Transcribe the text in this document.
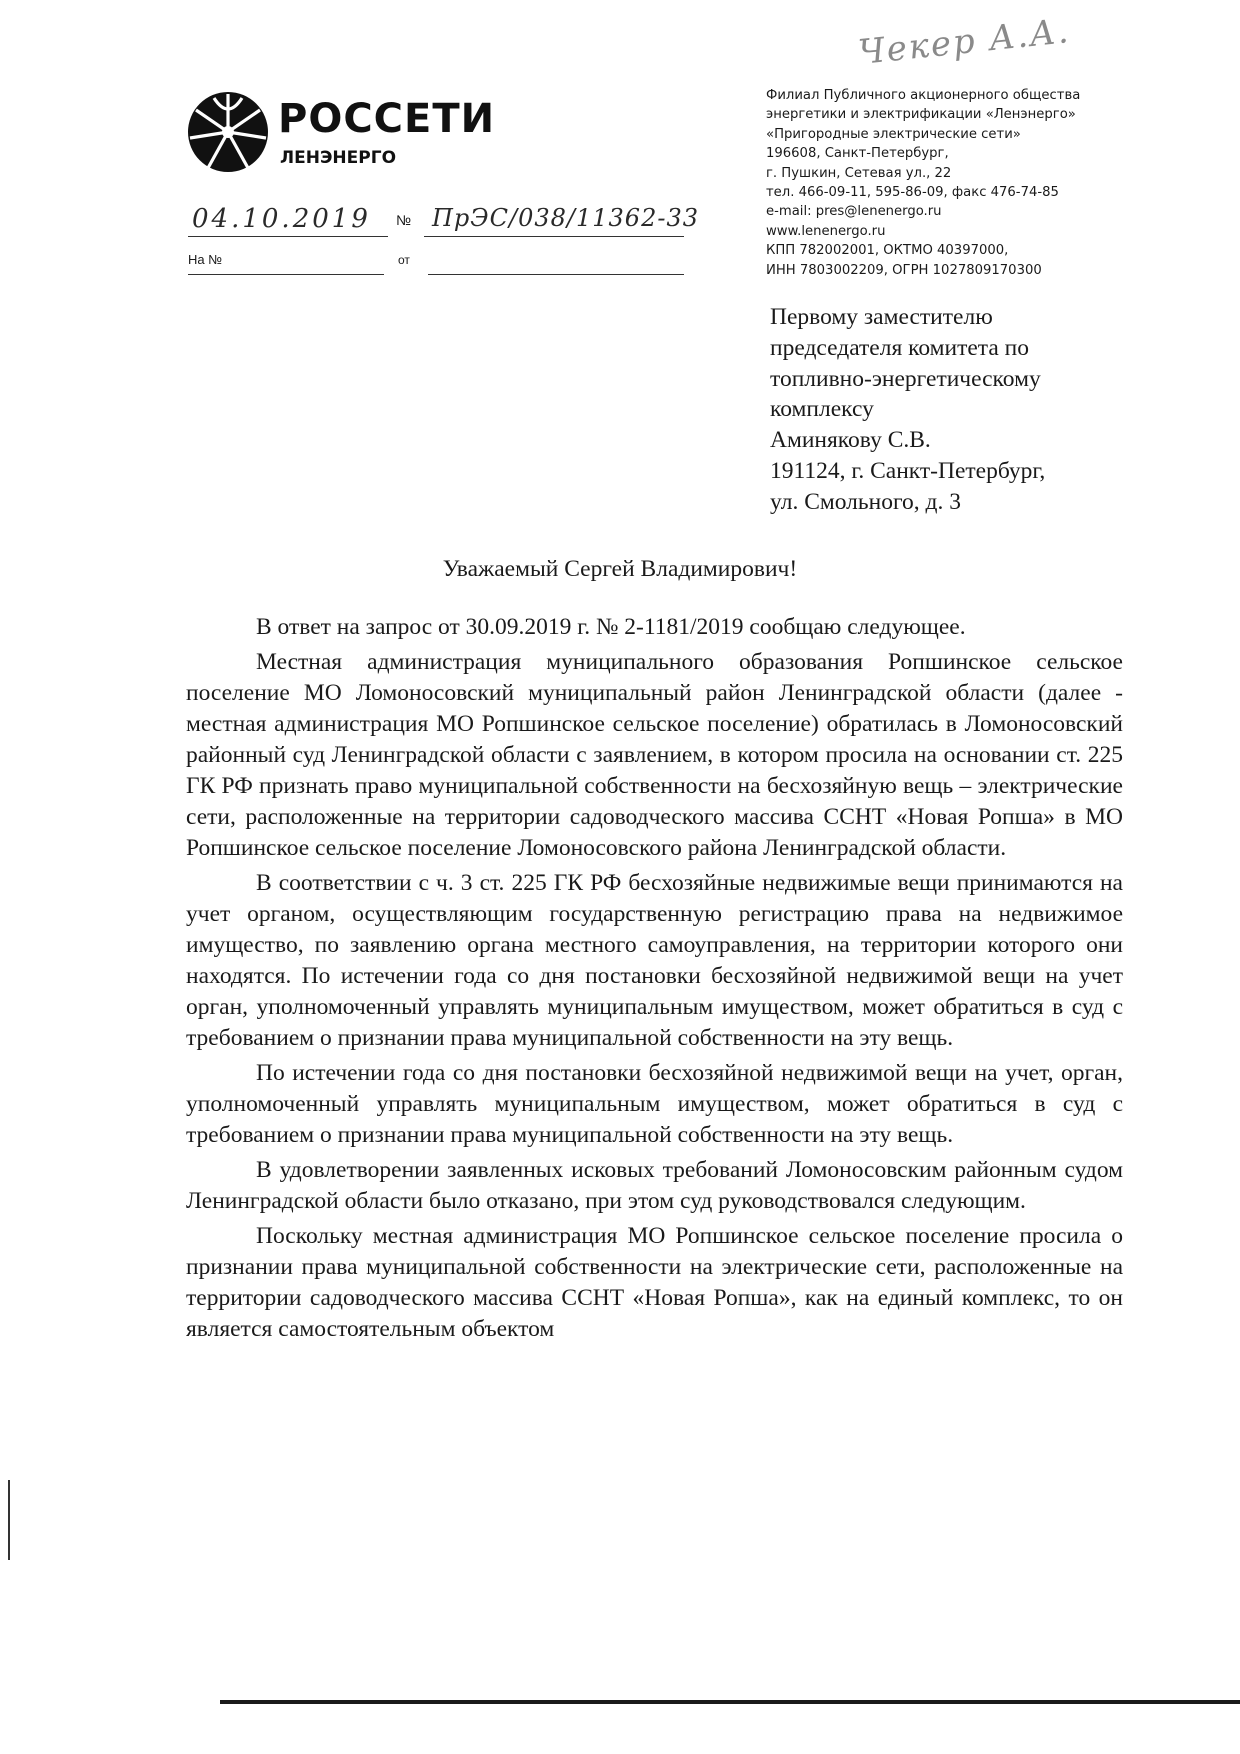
Чекер А.А.
РОССЕТИ
ЛЕНЭНЕРГО
04.10.2019 № ПрЭС/038/11362-33
На №	от
Филиал Публичного акционерного общества
энергетики и электрификации «Ленэнерго»
«Пригородные электрические сети»
196608, Санкт-Петербург,
г. Пушкин, Сетевая ул., 22
тел. 466-09-11, 595-86-09, факс 476-74-85
e-mail: pres@lenenergo.ru
www.lenenergo.ru
КПП 782002001, ОКТМО 40397000,
ИНН 7803002209, ОГРН 1027809170300
Первому заместителю
председателя комитета по
топливно-энергетическому
комплексу
Аминякову С.В.
191124, г. Санкт-Петербург,
ул. Смольного, д. 3
Уважаемый Сергей Владимирович!

В ответ на запрос от 30.09.2019 г. № 2-1181/2019 сообщаю следующее.

Местная администрация муниципального образования Ропшинское сельское поселение МО Ломоносовский муниципальный район Ленинградской области (далее - местная администрация МО Ропшинское сельское поселение) обратилась в Ломоносовский районный суд Ленинградской области с заявлением, в котором просила на основании ст. 225 ГК РФ признать право муниципальной собственности на бесхозяйную вещь – электрические сети, расположенные на территории садоводческого массива ССНТ «Новая Ропша» в МО Ропшинское сельское поселение Ломоносовского района Ленинградской области.

В соответствии с ч. 3 ст. 225 ГК РФ бесхозяйные недвижимые вещи принимаются на учет органом, осуществляющим государственную регистрацию права на недвижимое имущество, по заявлению органа местного самоуправления, на территории которого они находятся. По истечении года со дня постановки бесхозяйной недвижимой вещи на учет орган, уполномоченный управлять муниципальным имуществом, может обратиться в суд с требованием о признании права муниципальной собственности на эту вещь.

По истечении года со дня постановки бесхозяйной недвижимой вещи на учет, орган, уполномоченный управлять муниципальным имуществом, может обратиться в суд с требованием о признании права муниципальной собственности на эту вещь.

В удовлетворении заявленных исковых требований Ломоносовским районным судом Ленинградской области было отказано, при этом суд руководствовался следующим.

Поскольку местная администрация МО Ропшинское сельское поселение просила о признании права муниципальной собственности на электрические сети, расположенные на территории садоводческого массива ССНТ «Новая Ропша», как на единый комплекс, то он является самостоятельным объектом
